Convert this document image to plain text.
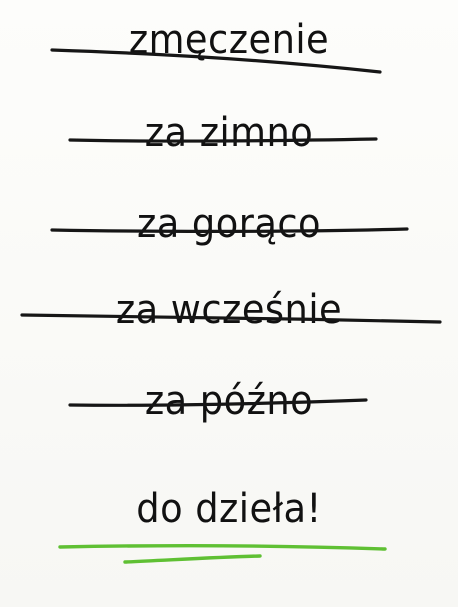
zmęczenie
za zimno
za gorąco
za wcześnie
za późno
do dzieła!
